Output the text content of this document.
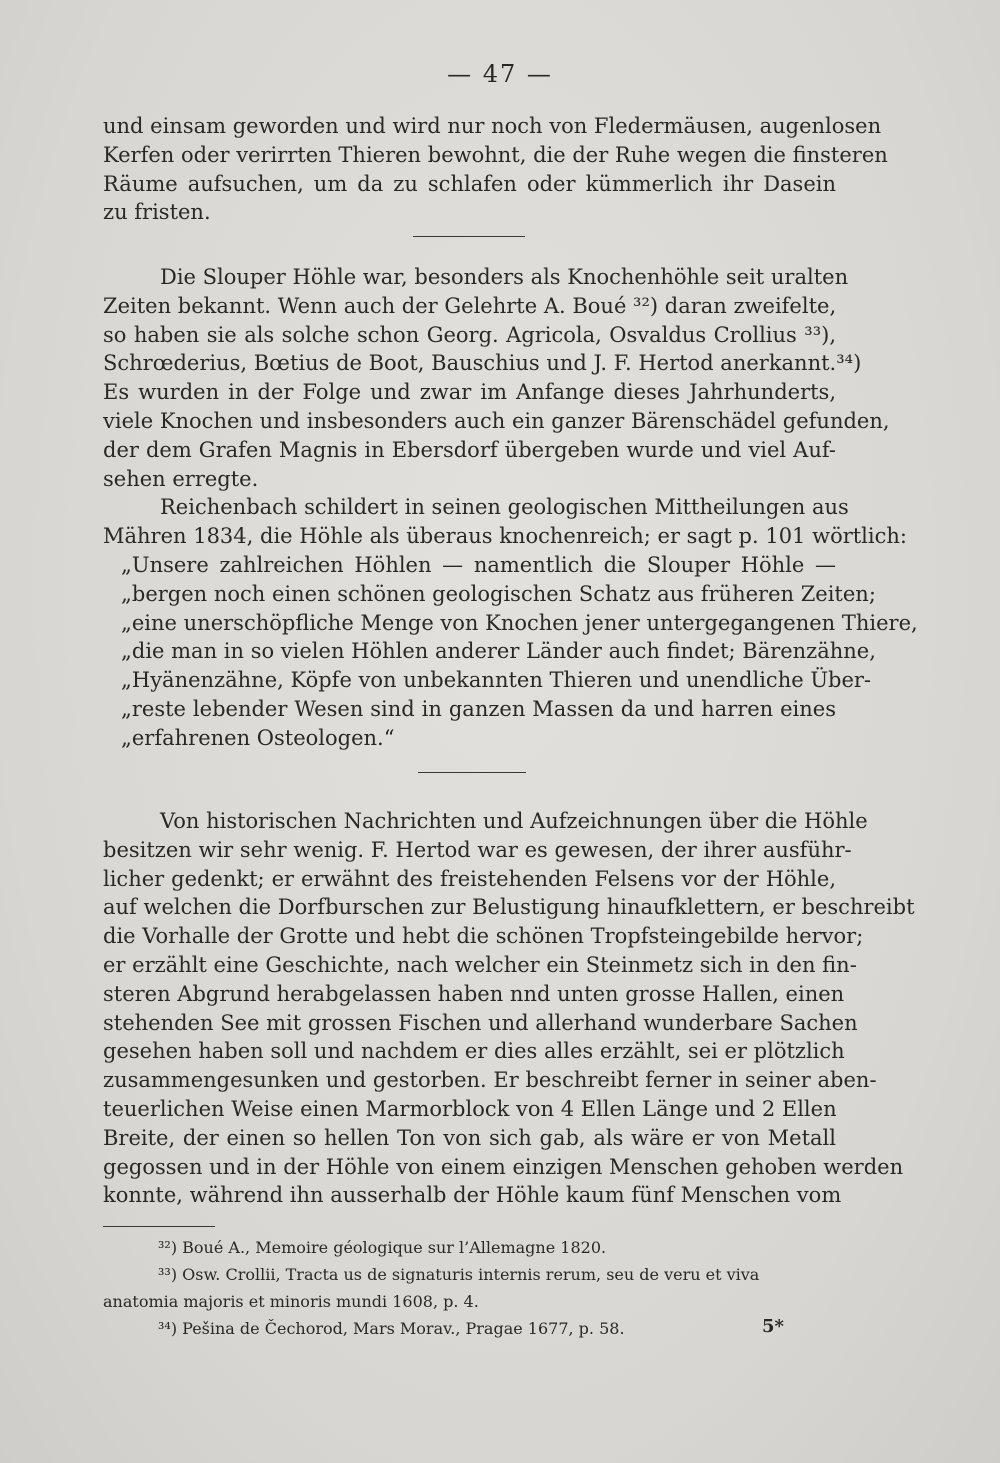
— 47 —
und einsam geworden und wird nur noch von Fledermäusen, augenlosen
Kerfen oder verirrten Thieren bewohnt, die der Ruhe wegen die finsteren
Räume aufsuchen, um da zu schlafen oder kümmerlich ihr Dasein
zu fristen.
Die Slouper Höhle war, besonders als Knochenhöhle seit uralten
Zeiten bekannt. Wenn auch der Gelehrte A. Boué ³²) daran zweifelte,
so haben sie als solche schon Georg. Agricola, Osvaldus Crollius ³³),
Schrœderius, Bœtius de Boot, Bauschius und J. F. Hertod anerkannt.³⁴)
Es wurden in der Folge und zwar im Anfange dieses Jahrhunderts,
viele Knochen und insbesonders auch ein ganzer Bärenschädel gefunden,
der dem Grafen Magnis in Ebersdorf übergeben wurde und viel Auf-
sehen erregte.
Reichenbach schildert in seinen geologischen Mittheilungen aus
Mähren 1834, die Höhle als überaus knochenreich; er sagt p. 101 wörtlich:
„Unsere zahlreichen Höhlen — namentlich die Slouper Höhle —
„bergen noch einen schönen geologischen Schatz aus früheren Zeiten;
„eine unerschöpfliche Menge von Knochen jener untergegangenen Thiere,
„die man in so vielen Höhlen anderer Länder auch findet; Bärenzähne,
„Hyänenzähne, Köpfe von unbekannten Thieren und unendliche Über-
„reste lebender Wesen sind in ganzen Massen da und harren eines
„erfahrenen Osteologen.“
Von historischen Nachrichten und Aufzeichnungen über die Höhle
besitzen wir sehr wenig. F. Hertod war es gewesen, der ihrer ausführ-
licher gedenkt; er erwähnt des freistehenden Felsens vor der Höhle,
auf welchen die Dorfburschen zur Belustigung hinaufklettern, er beschreibt
die Vorhalle der Grotte und hebt die schönen Tropfsteingebilde hervor;
er erzählt eine Geschichte, nach welcher ein Steinmetz sich in den fin-
steren Abgrund herabgelassen haben nnd unten grosse Hallen, einen
stehenden See mit grossen Fischen und allerhand wunderbare Sachen
gesehen haben soll und nachdem er dies alles erzählt, sei er plötzlich
zusammengesunken und gestorben. Er beschreibt ferner in seiner aben-
teuerlichen Weise einen Marmorblock von 4 Ellen Länge und 2 Ellen
Breite, der einen so hellen Ton von sich gab, als wäre er von Metall
gegossen und in der Höhle von einem einzigen Menschen gehoben werden
konnte, während ihn ausserhalb der Höhle kaum fünf Menschen vom
³²) Boué A., Memoire géologique sur l’Allemagne 1820.
³³) Osw. Crollii, Tracta us de signaturis internis rerum, seu de veru et viva
anatomia majoris et minoris mundi 1608, p. 4.
³⁴) Pešina de Čechorod, Mars Morav., Pragae 1677, p. 58.	5*
